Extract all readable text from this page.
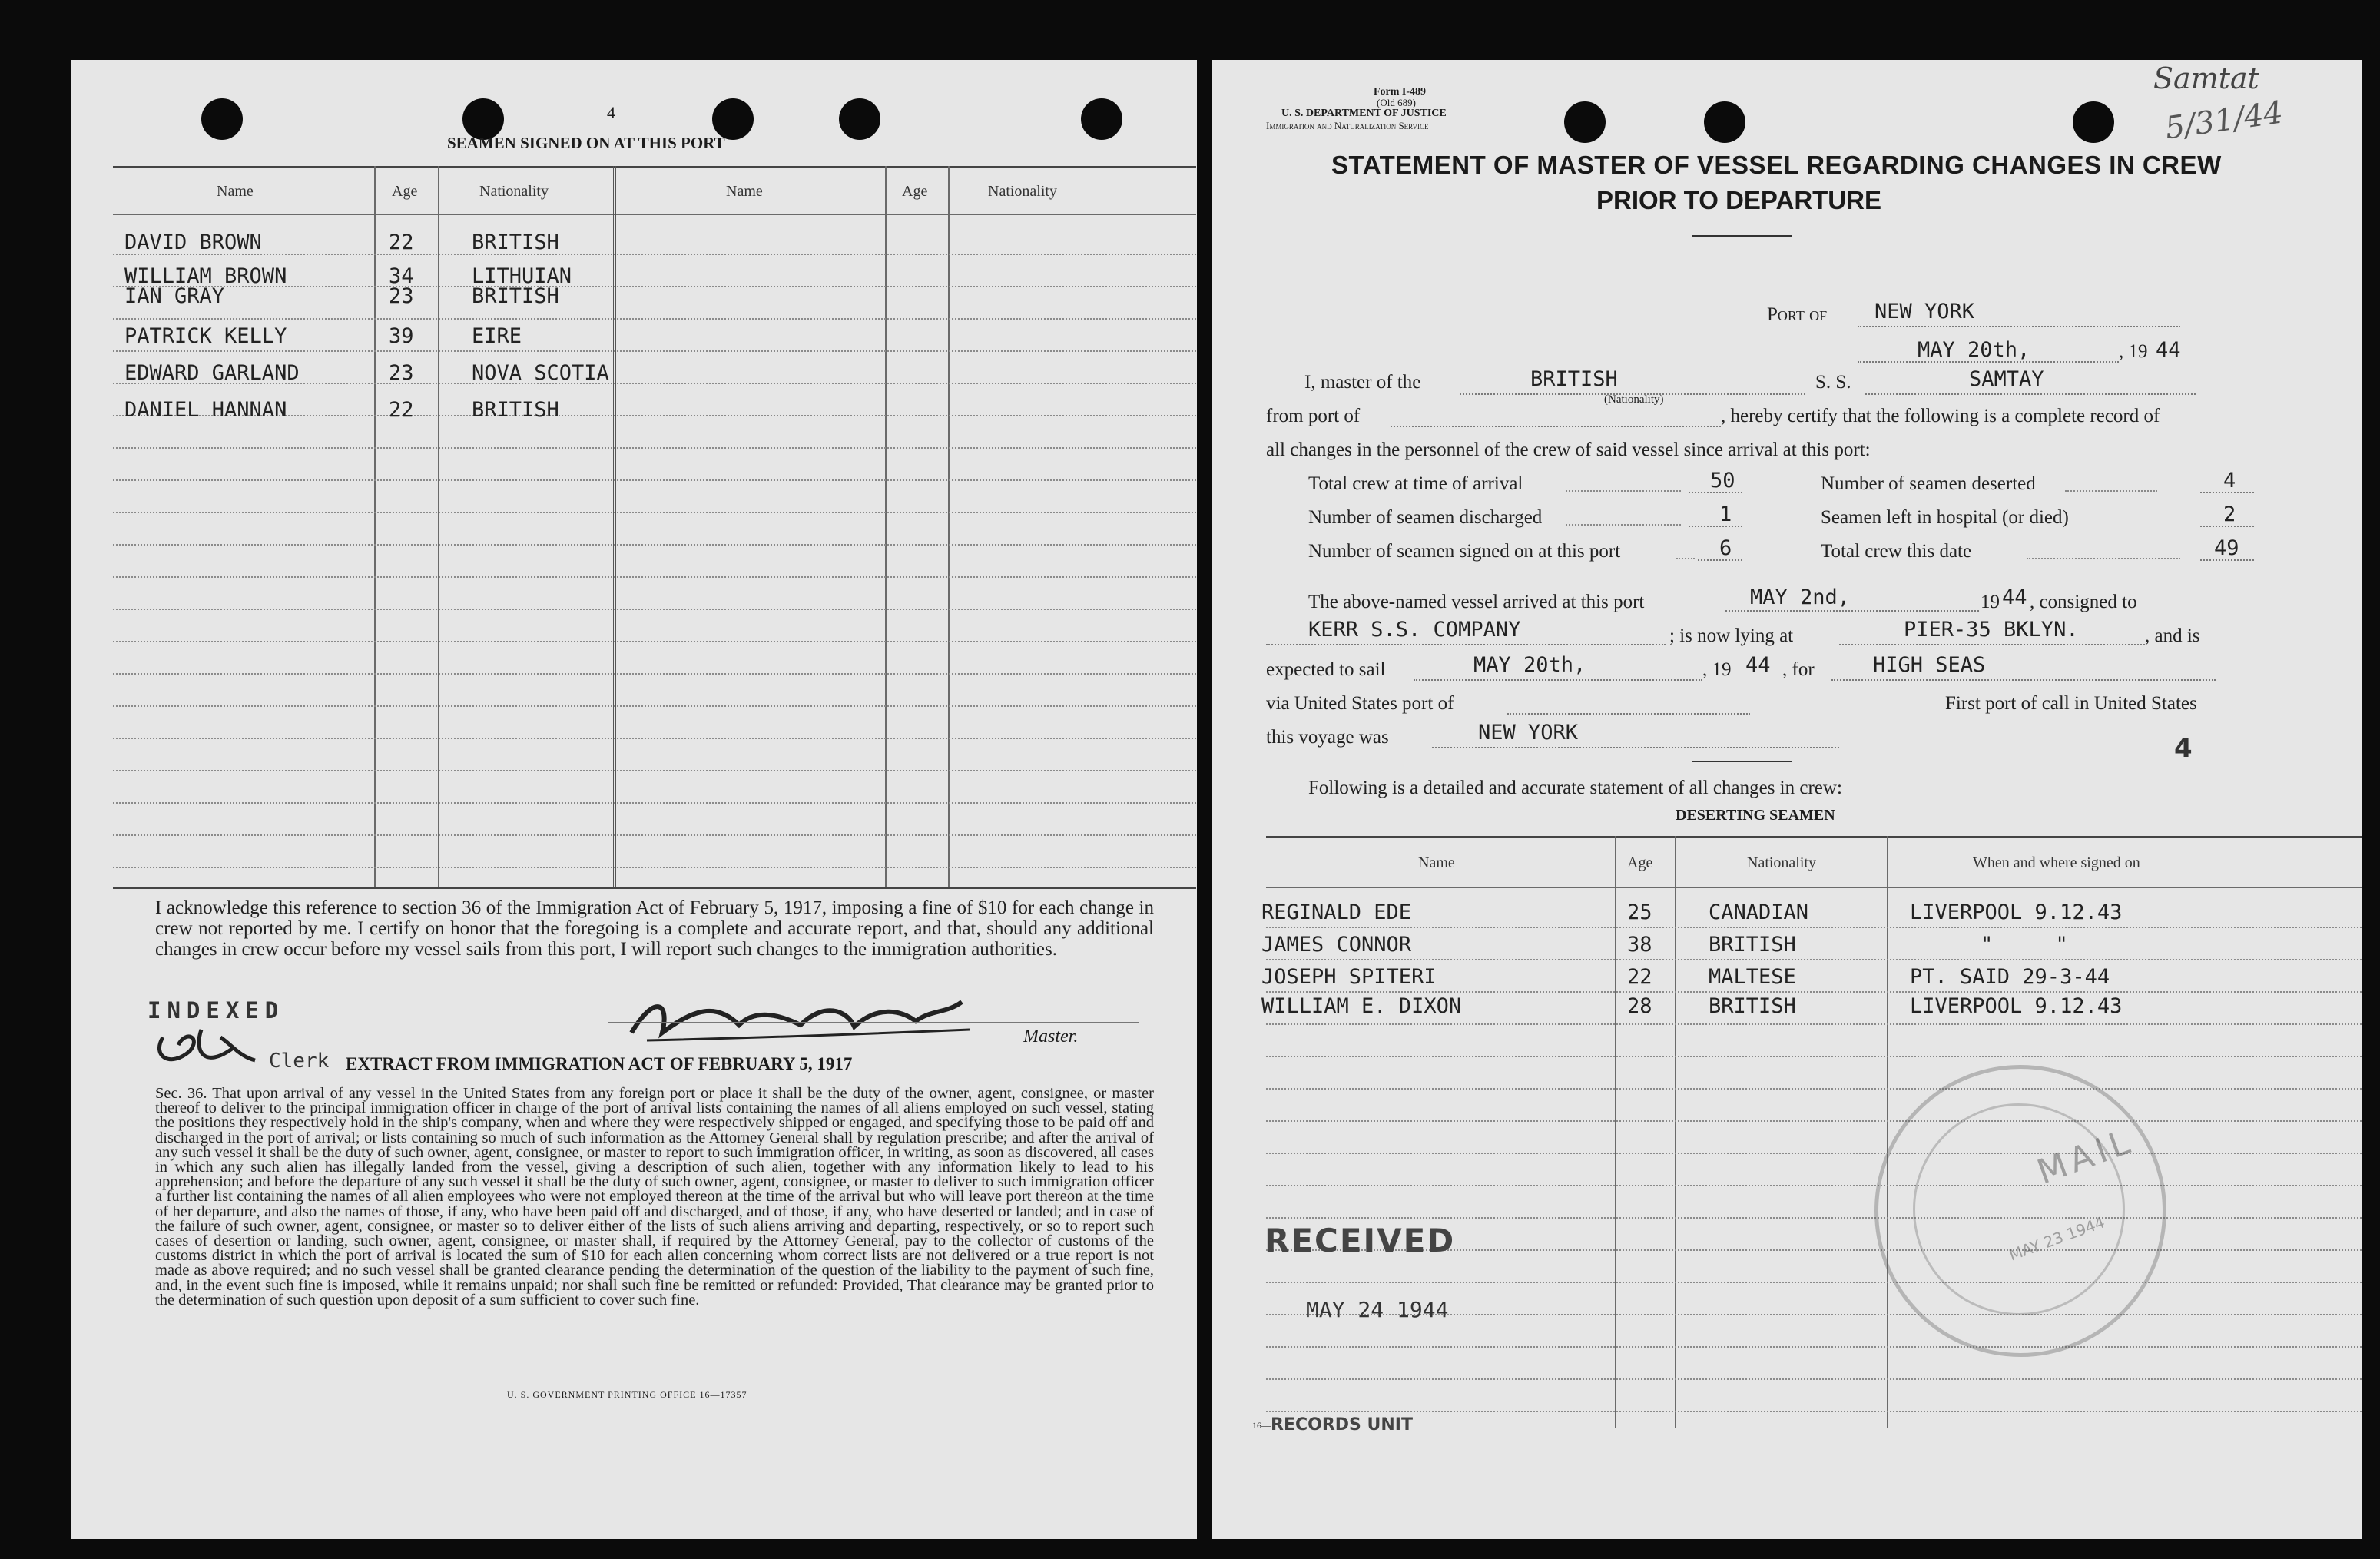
4
SEAMEN SIGNED ON AT THIS PORT
Name	Age	Nationality	Name	Age	Nationality
DAVID BROWN	22	BRITISH
WILLIAM BROWN	34	LITHUIAN
IAN GRAY	23	BRITISH
PATRICK KELLY	39	EIRE
EDWARD GARLAND	23	NOVA SCOTIA
DANIEL HANNAN	22	BRITISH
I acknowledge this reference to section 36 of the Immigration Act of February 5, 1917, imposing a fine of $10 for each change in crew not reported by me. I certify on honor that the foregoing is a complete and accurate report, and that, should any additional changes in crew occur before my vessel sails from this port, I will report such changes to the immigration authorities.
Master.
INDEXED
Clerk EXTRACT FROM IMMIGRATION ACT OF FEBRUARY 5, 1917
Sec. 36. That upon arrival of any vessel in the United States from any foreign port or place it shall be the duty of the owner, agent, consignee, or master thereof to deliver to the principal immigration officer in charge of the port of arrival lists containing the names of all aliens employed on such vessel, stating the positions they respectively hold in the ship's company, when and where they were respectively shipped or engaged, and specifying those to be paid off and discharged in the port of arrival; or lists containing so much of such information as the Attorney General shall by regulation prescribe; and after the arrival of any such vessel it shall be the duty of such owner, agent, consignee, or master to report to such immigration officer, in writing, as soon as discovered, all cases in which any such alien has illegally landed from the vessel, giving a description of such alien, together with any information likely to lead to his apprehension; and before the departure of any such vessel it shall be the duty of such owner, agent, consignee, or master to deliver to such immigration officer a further list containing the names of all alien employees who were not employed thereon at the time of the arrival but who will leave port thereon at the time of her departure, and also the names of those, if any, who have been paid off and discharged, and of those, if any, who have deserted or landed; and in case of the failure of such owner, agent, consignee, or master so to deliver either of the lists of such aliens arriving and departing, respectively, or so to report such cases of desertion or landing, such owner, agent, consignee, or master shall, if required by the Attorney General, pay to the collector of customs of the customs district in which the port of arrival is located the sum of $10 for each alien concerning whom correct lists are not delivered or a true report is not made as above required; and no such vessel shall be granted clearance pending the determination of the question of the liability to the payment of such fine, and, in the event such fine is imposed, while it remains unpaid; nor shall such fine be remitted or refunded: Provided, That clearance may be granted prior to the determination of such question upon deposit of a sum sufficient to cover such fine.
U. S. GOVERNMENT PRINTING OFFICE 16—17357
Form I-489
(Old 689)
U. S. DEPARTMENT OF JUSTICE
Immigration and Naturalization Service
STATEMENT OF MASTER OF VESSEL REGARDING CHANGES IN CREW
PRIOR TO DEPARTURE
Samtat
5/31/44
Port of NEW YORK
MAY 20th,	, 19 44
I, master of the	BRITISH
(Nationality)
S. S.	SAMTAY
from port of	, hereby certify that the following is a complete record of
all changes in the personnel of the crew of said vessel since arrival at this port:
Total crew at time of arrival	50
Number of seamen discharged	1
Number of seamen signed on at this port	6
Number of seamen deserted	4
Seamen left in hospital (or died)	2
Total crew this date	49
The above-named vessel arrived at this port	MAY 2nd,	19 44 , consigned to
KERR S.S. COMPANY	; is now lying at	PIER-35 BKLYN.	, and is
expected to sail	MAY 20th,	, 19 44 , for	HIGH SEAS
via United States port of	First port of call in United States
this voyage was	NEW YORK
4
Following is a detailed and accurate statement of all changes in crew:
DESERTING SEAMEN
Name	Age	Nationality	When and where signed on
REGINALD EDE	25	CANADIAN	LIVERPOOL 9.12.43
JAMES CONNOR	38	BRITISH	"     "
JOSEPH SPITERI	22	MALTESE	PT. SAID 29-3-44
WILLIAM E. DIXON	28	BRITISH	LIVERPOOL 9.12.43
MAIL
MAY 23 1944
RECEIVED
MAY 24 1944
16— RECORDS UNIT
